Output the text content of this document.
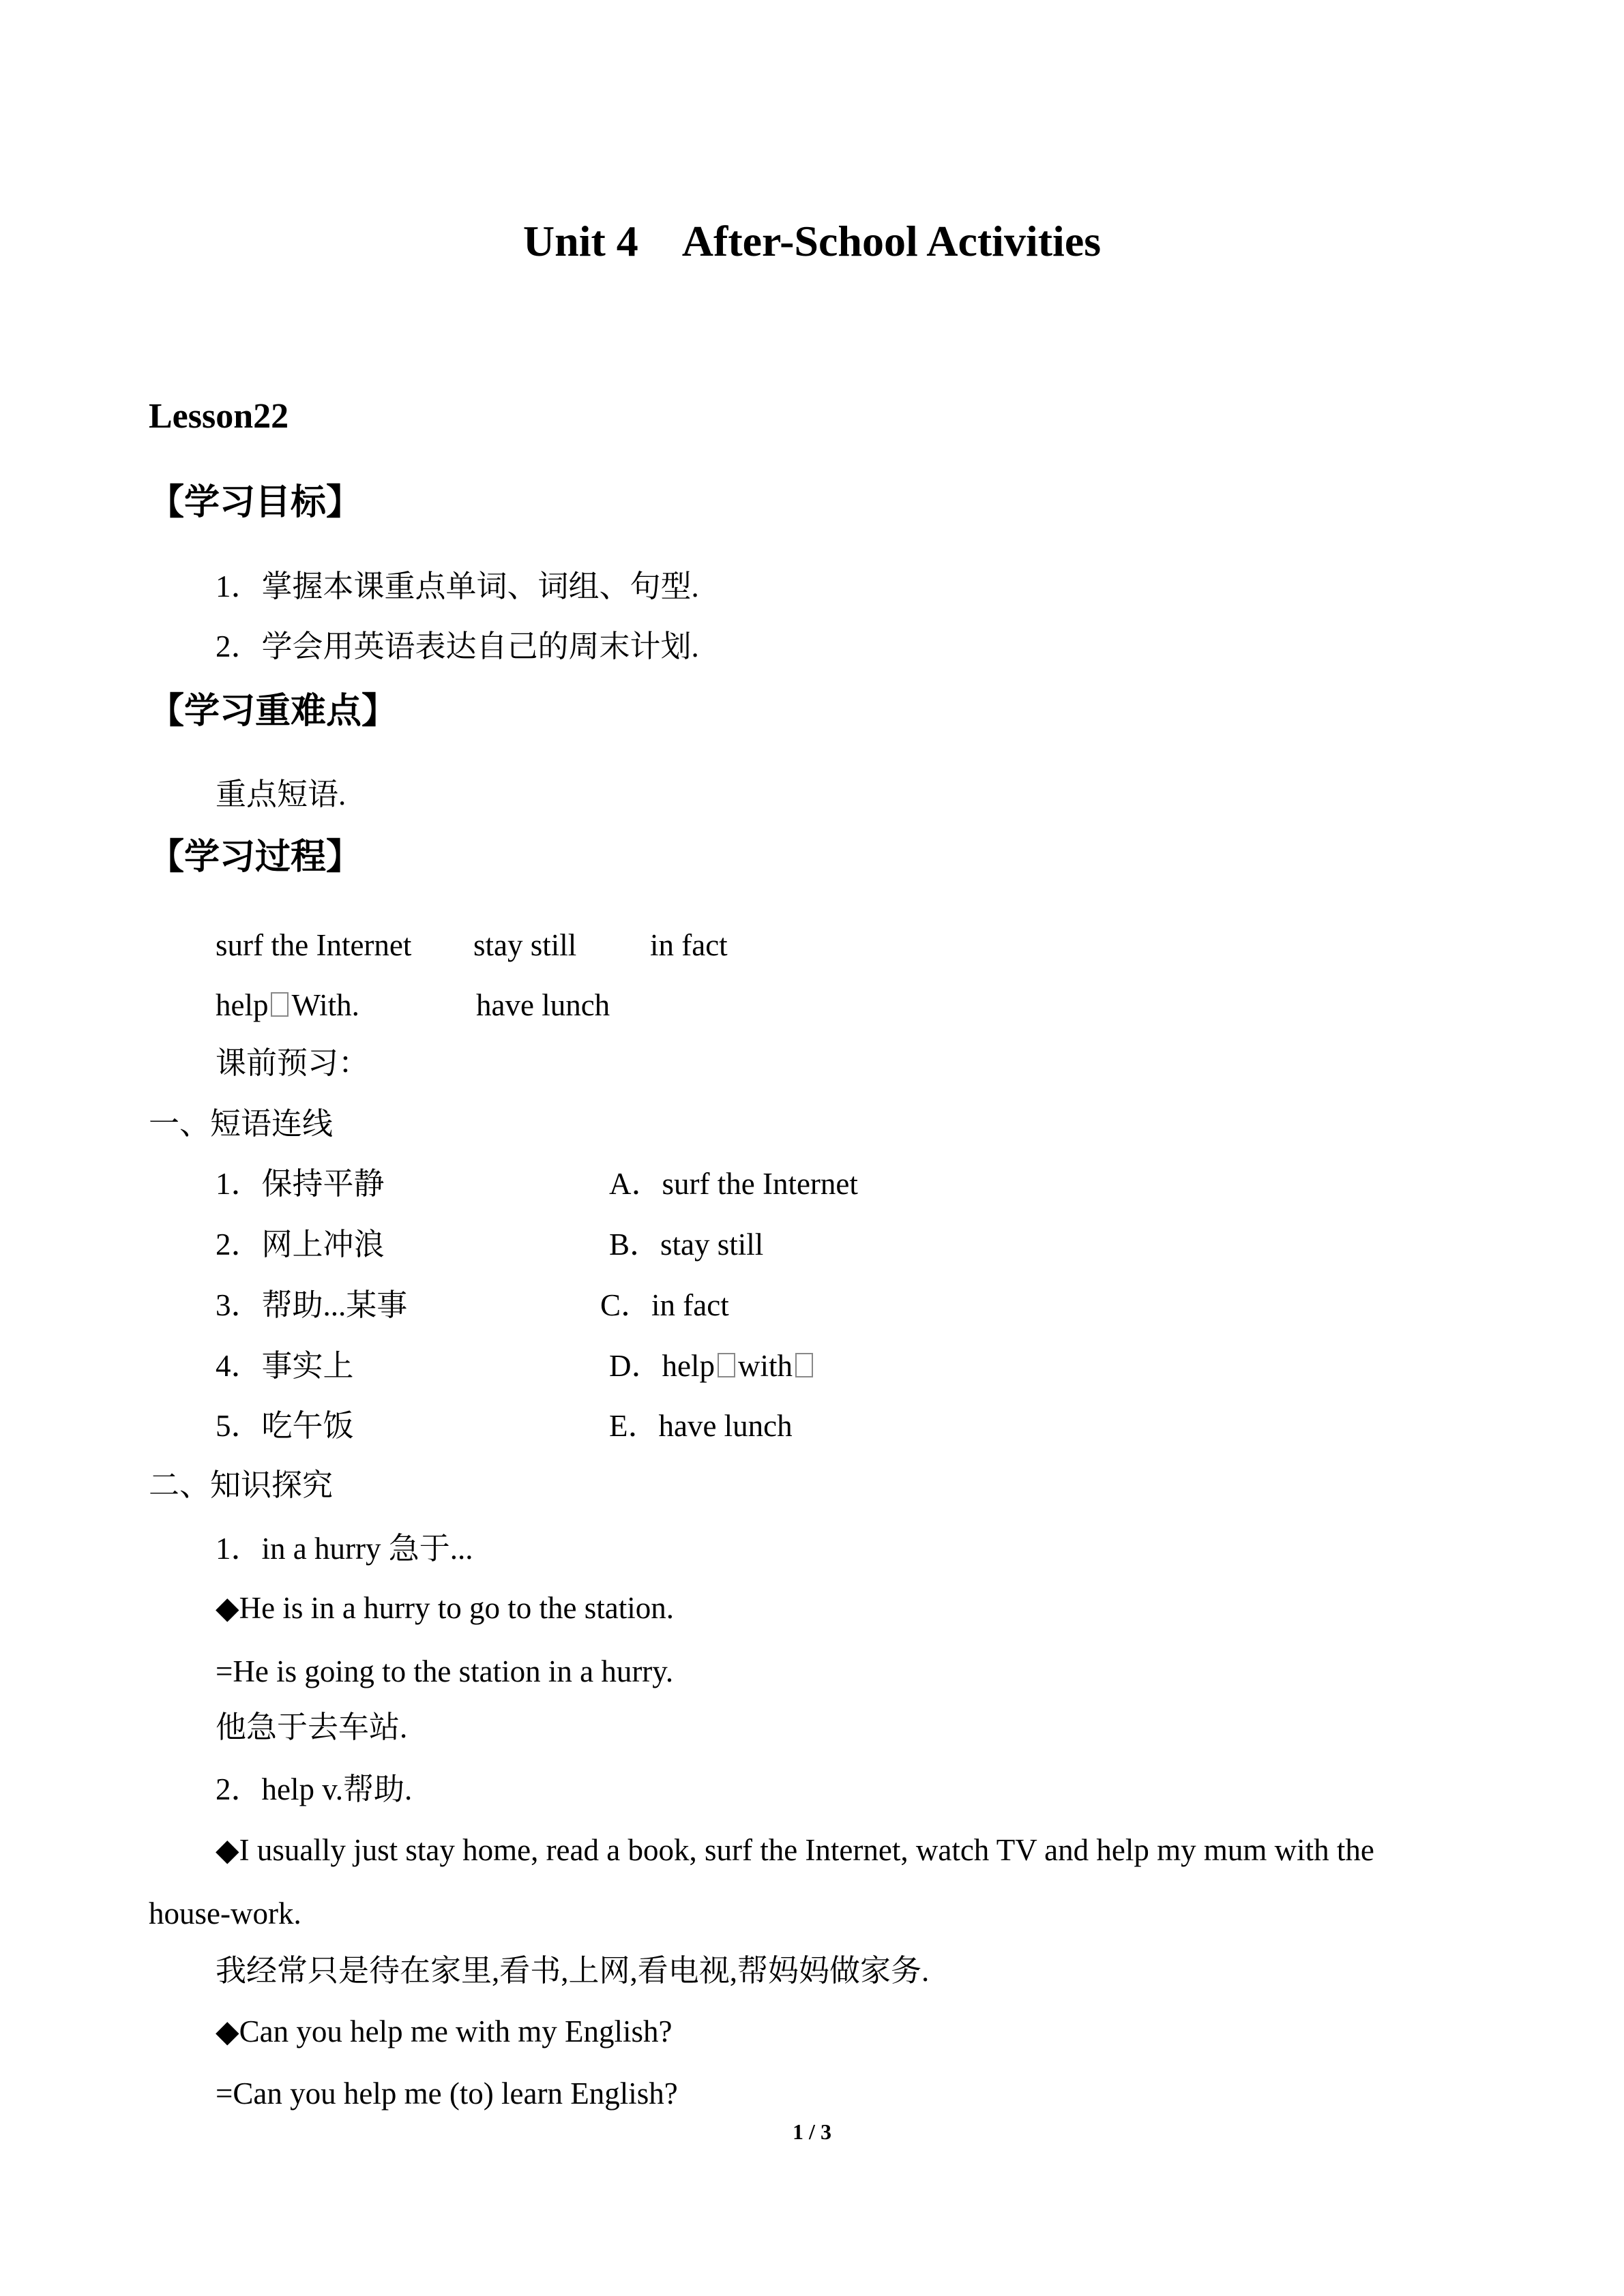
Unit 4 After-School Activities
Lesson22
【学习目标】
1．掌握本课重点单词、词组、句型.
2．学会用英语表达自己的周末计划.
【学习重难点】
重点短语.
【学习过程】
surf the Internet stay still in fact
help With.	have lunch
课前预习：
一、短语连线
1．保持平静	A．surf the Internet
2．网上冲浪	B．stay still
3．帮助...某事	C．in fact
4．事实上	D．help with
5．吃午饭	E．have lunch
二、知识探究
1．in a hurry 急于...
◆He is in a hurry to go to the station.
=He is going to the station in a hurry.
他急于去车站.
2．help v.帮助.
◆I usually just stay home, read a book, surf the Internet, watch TV and help my mum with the
house-work.
我经常只是待在家里,看书,上网,看电视,帮妈妈做家务.
◆Can you help me with my English?
=Can you help me (to) learn English?
1 / 3
